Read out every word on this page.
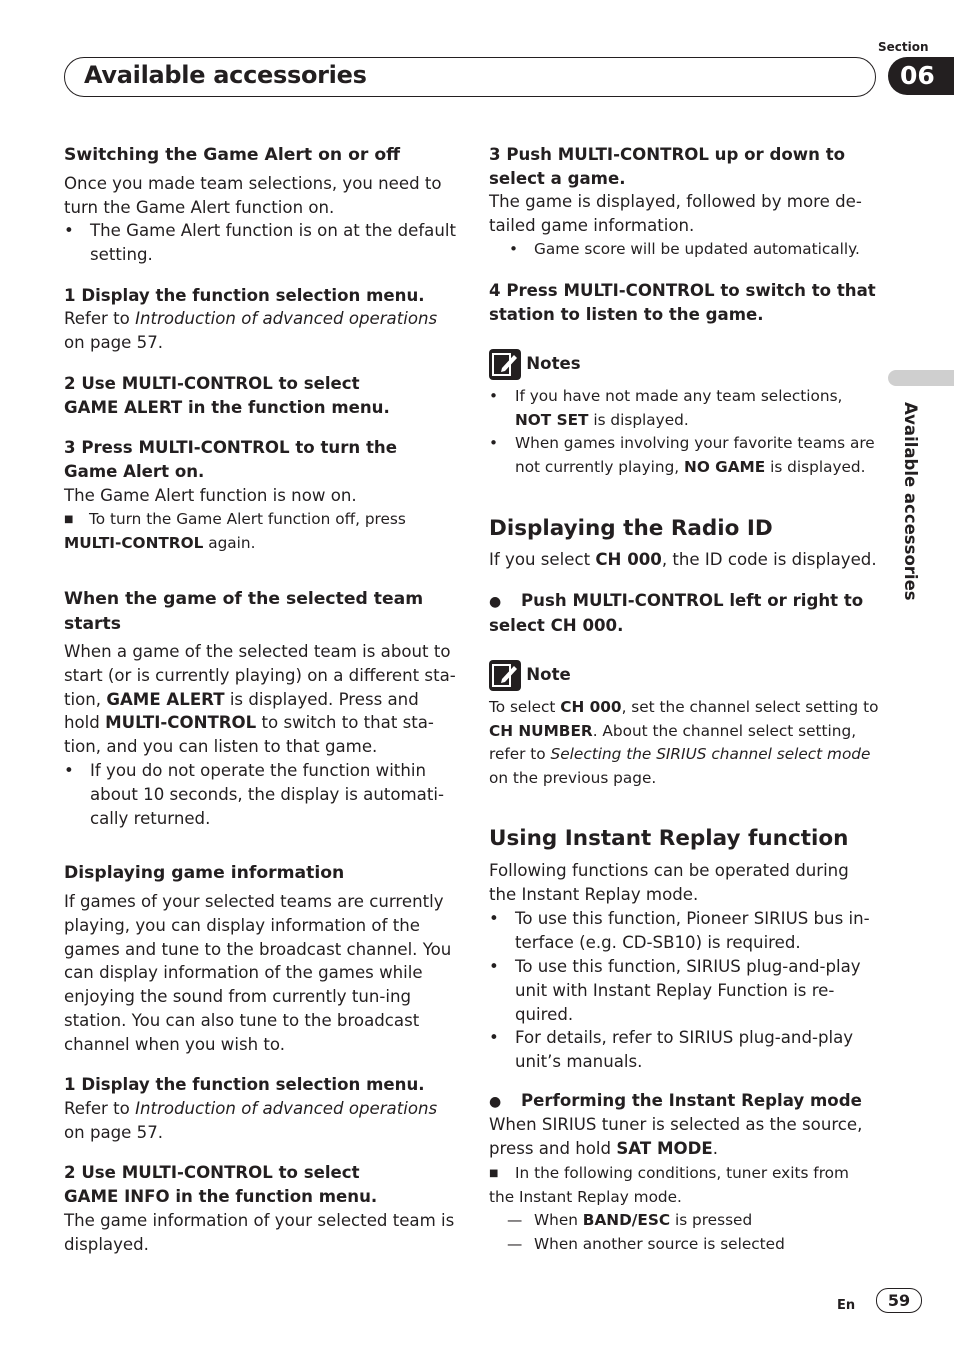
Available accessories
Section
06
Available accessories
Switching the Game Alert on or off
Once you made team selections, you need to turn the Game Alert function on.
• The Game Alert function is on at the default setting.
1 Display the function selection menu.
Refer to Introduction of advanced operations on page 57.
2 Use MULTI-CONTROL to select
GAME ALERT in the function menu.
3 Press MULTI-CONTROL to turn the
Game Alert on.
The Game Alert function is now on.
■ To turn the Game Alert function off, press
MULTI-CONTROL again.
When the game of the selected team starts
When a game of the selected team is about to
start (or is currently playing) on a different sta-
tion, GAME ALERT is displayed. Press and
hold MULTI-CONTROL to switch to that sta-
tion, and you can listen to that game.
• If you do not operate the function within about 10 seconds, the display is automati-cally returned.
Displaying game information
If games of your selected teams are currently playing, you can display information of the games and tune to the broadcast channel. You can display information of the games while enjoying the sound from currently tun-ing station. You can also tune to the broadcast channel when you wish to.
1 Display the function selection menu.
Refer to Introduction of advanced operations on page 57.
2 Use MULTI-CONTROL to select
GAME INFO in the function menu.
The game information of your selected team is displayed.
3 Push MULTI-CONTROL up or down to
select a game.
The game is displayed, followed by more de-tailed game information.
• Game score will be updated automatically.
4 Press MULTI-CONTROL to switch to that
station to listen to the game.
Notes
• If you have not made any team selections,
NOT SET is displayed.
• When games involving your favorite teams are not currently playing, NO GAME is displayed.
Displaying the Radio ID
If you select CH 000, the ID code is displayed.
● Push MULTI-CONTROL left or right to
select CH 000.
Note
To select CH 000, set the channel select setting to
CH NUMBER. About the channel select setting,
refer to Selecting the SIRIUS channel select mode
on the previous page.
Using Instant Replay function
Following functions can be operated during the Instant Replay mode.
• To use this function, Pioneer SIRIUS bus in-terface (e.g. CD-SB10) is required.
• To use this function, SIRIUS plug-and-play unit with Instant Replay Function is re-quired.
• For details, refer to SIRIUS plug-and-play unit’s manuals.
● Performing the Instant Replay mode
When SIRIUS tuner is selected as the source, press and hold SAT MODE.
■ In the following conditions, tuner exits from the Instant Replay mode.
— When BAND/ESC is pressed
— When another source is selected
En	59
